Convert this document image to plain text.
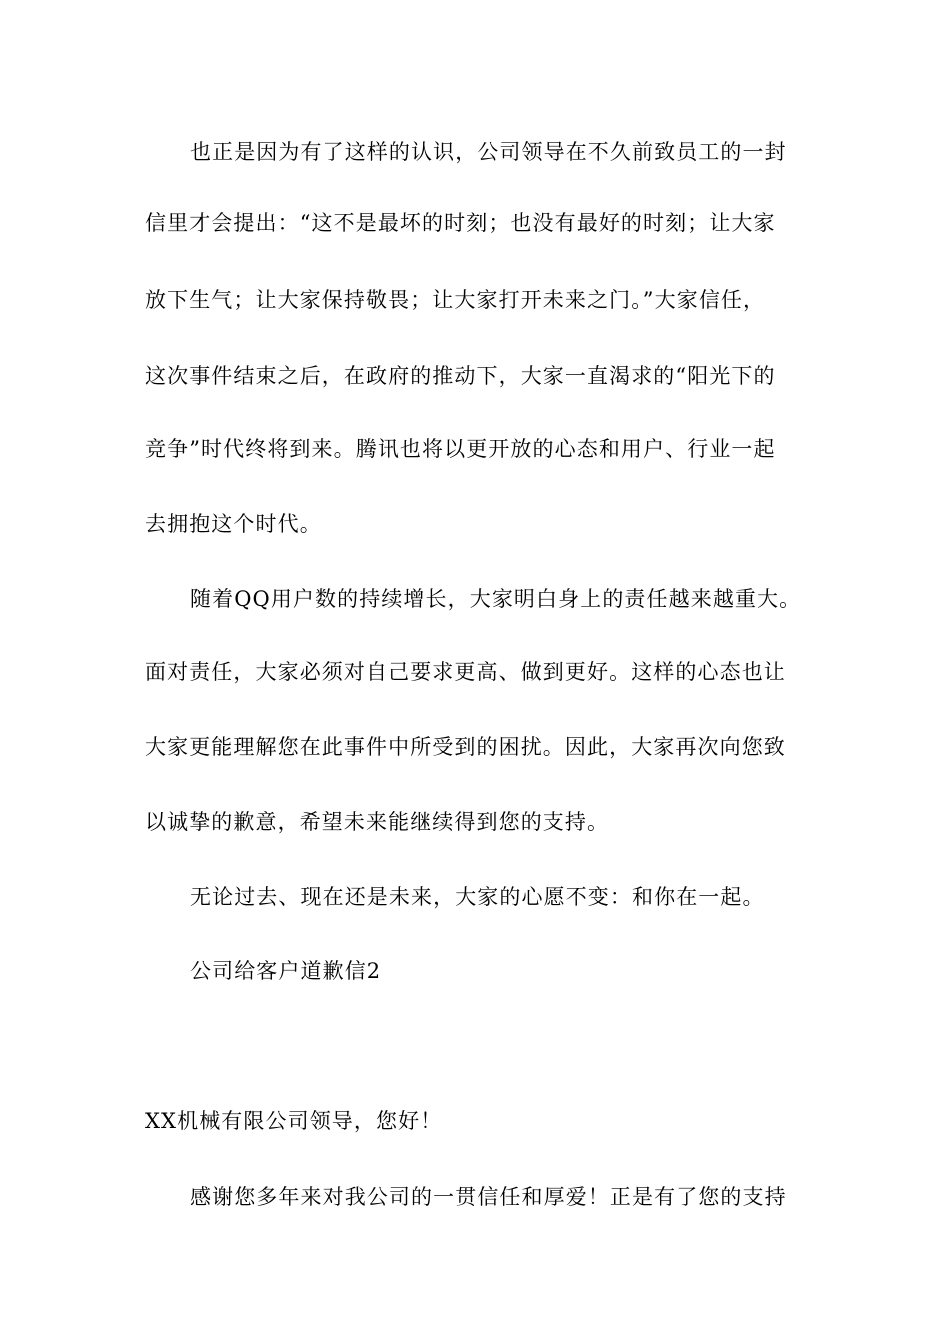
也正是因为有了这样的认识，公司领导在不久前致员工的一封
信里才会提出：“这不是最坏的时刻；也没有最好的时刻；让大家
放下生气；让大家保持敬畏；让大家打开未来之门。”大家信任，
这次事件结束之后，在政府的推动下，大家一直渴求的“阳光下的
竞争”时代终将到来。腾讯也将以更开放的心态和用户、行业一起
去拥抱这个时代。
随着QQ用户数的持续增长，大家明白身上的责任越来越重大。
面对责任，大家必须对自己要求更高、做到更好。这样的心态也让
大家更能理解您在此事件中所受到的困扰。因此，大家再次向您致
以诚挚的歉意，希望未来能继续得到您的支持。
无论过去、现在还是未来，大家的心愿不变：和你在一起。
公司给客户道歉信2
XX机械有限公司领导，您好！
感谢您多年来对我公司的一贯信任和厚爱！正是有了您的支持
